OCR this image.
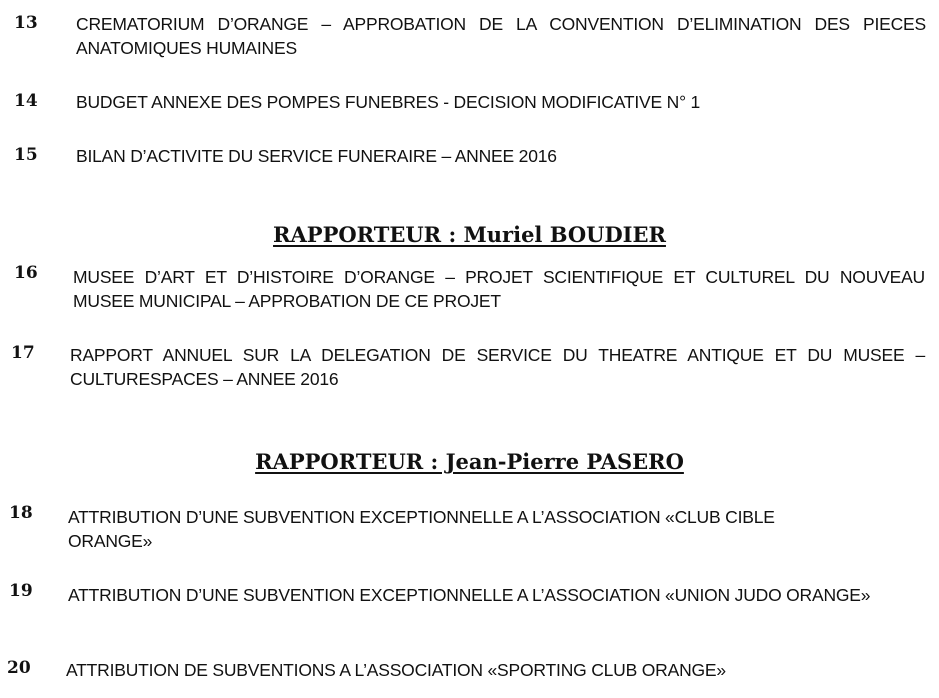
13 CREMATORIUM D’ORANGE – APPROBATION DE LA CONVENTION D’ELIMINATION DES PIECES ANATOMIQUES HUMAINES
14 BUDGET ANNEXE DES POMPES FUNEBRES - DECISION MODIFICATIVE N° 1
15 BILAN D’ACTIVITE DU SERVICE FUNERAIRE – ANNEE 2016
RAPPORTEUR : Muriel BOUDIER
16 MUSEE D’ART ET D’HISTOIRE D’ORANGE – PROJET SCIENTIFIQUE ET CULTUREL DU NOUVEAU MUSEE MUNICIPAL – APPROBATION DE CE PROJET
17 RAPPORT ANNUEL SUR LA DELEGATION DE SERVICE DU THEATRE ANTIQUE ET DU MUSEE – CULTURESPACES – ANNEE 2016
RAPPORTEUR : Jean-Pierre PASERO
18 ATTRIBUTION D’UNE SUBVENTION EXCEPTIONNELLE A L’ASSOCIATION «CLUB CIBLE ORANGE»
19 ATTRIBUTION D’UNE SUBVENTION EXCEPTIONNELLE A L’ASSOCIATION «UNION JUDO ORANGE»
20 ATTRIBUTION DE SUBVENTIONS A L’ASSOCIATION «SPORTING CLUB ORANGE»
